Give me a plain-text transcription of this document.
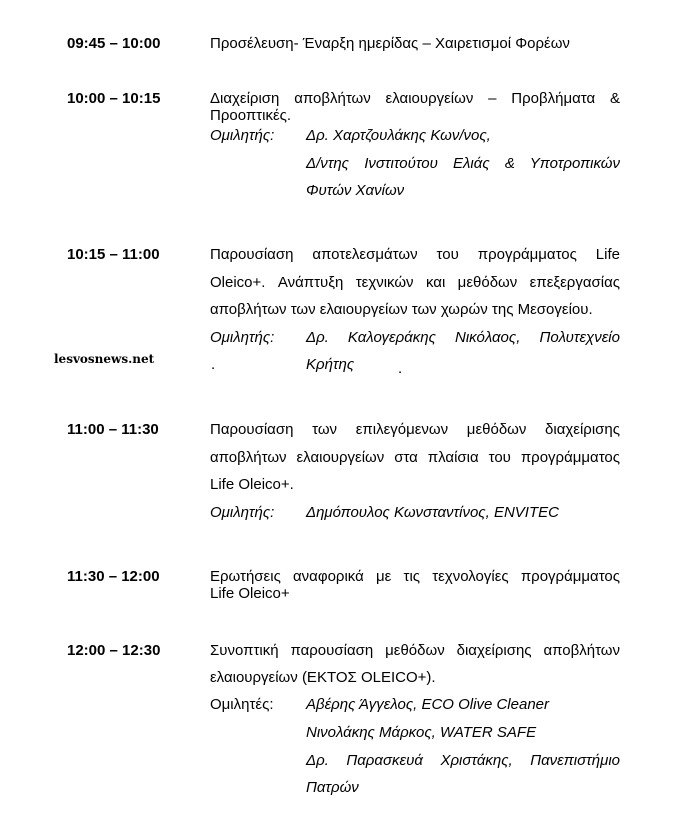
09:45 – 10:00	Προσέλευση- Έναρξη ημερίδας – Χαιρετισμοί Φορέων
10:00 – 10:15	Διαχείριση αποβλήτων ελαιουργείων – Προβλήματα &
Προοπτικές.
Ομιλητής: Δρ. Χαρτζουλάκης Κων/νος,
Δ/ντης Ινστιτούτου Ελιάς & Υποτροπικών
Φυτών Χανίων
10:15 – 11:00	Παρουσίαση αποτελεσμάτων του προγράμματος Life
Oleico+. Ανάπτυξη τεχνικών και μεθόδων επεξεργασίας
αποβλήτων των ελαιουργείων των χωρών της Μεσογείου.
Ομιλητής: Δρ. Καλογεράκης Νικόλαος, Πολυτεχνείο
lesvosnews.net	.	Κρήτης	.
11:00 – 11:30	Παρουσίαση των επιλεγόμενων μεθόδων διαχείρισης
αποβλήτων ελαιουργείων στα πλαίσια του προγράμματος
Life Oleico+.
Ομιλητής: Δημόπουλος Κωνσταντίνος, ENVITEC
11:30 – 12:00	Ερωτήσεις αναφορικά με τις τεχνολογίες προγράμματος
Life Oleico+
12:00 – 12:30	Συνοπτική παρουσίαση μεθόδων διαχείρισης αποβλήτων
ελαιουργείων (ΕΚΤΟΣ OLEICO+).
Ομιλητές: Αβέρης Άγγελος, ECO Olive Cleaner
Νινολάκης Μάρκος, WATER SAFE
Δρ. Παρασκευά Χριστάκης, Πανεπιστήμιο
Πατρών
